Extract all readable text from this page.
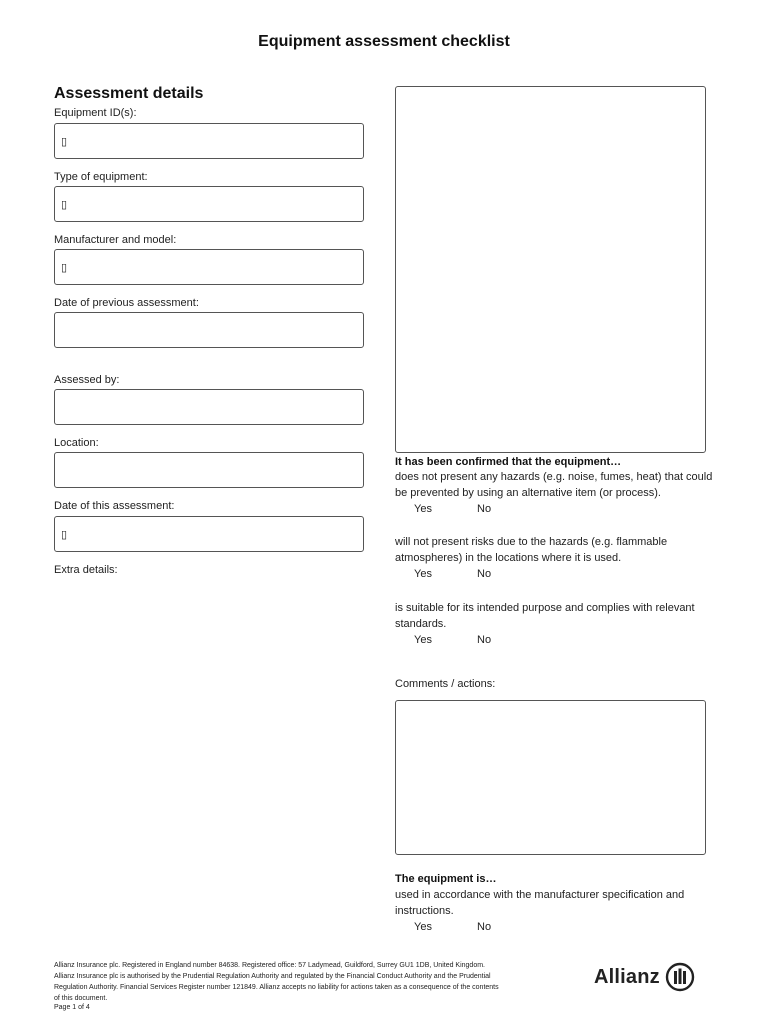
Equipment assessment checklist
Assessment details
Equipment ID(s):
▯
Type of equipment:
▯
Manufacturer and model:
▯
Date of previous assessment:
Assessed by:
Location:
Date of this assessment:
▯
Extra details:
It has been confirmed that the equipment…
does not present any hazards (e.g. noise, fumes, heat) that could be prevented by using an alternative item (or process).
Yes	No
will not present risks due to the hazards (e.g. flammable atmospheres) in the locations where it is used.
Yes	No
is suitable for its intended purpose and complies with relevant standards.
Yes	No
Comments / actions:
The equipment is…
used in accordance with the manufacturer specification and instructions.
Yes	No
Allianz Insurance plc. Registered in England number 84638. Registered office: 57 Ladymead, Guildford, Surrey GU1 1DB, United Kingdom. Allianz Insurance plc is authorised by the Prudential Regulation Authority and regulated by the Financial Conduct Authority and the Prudential Regulation Authority. Financial Services Register number 121849. Allianz accepts no liability for actions taken as a consequence of the contents of this document.
Page 1 of 4
Allianz
